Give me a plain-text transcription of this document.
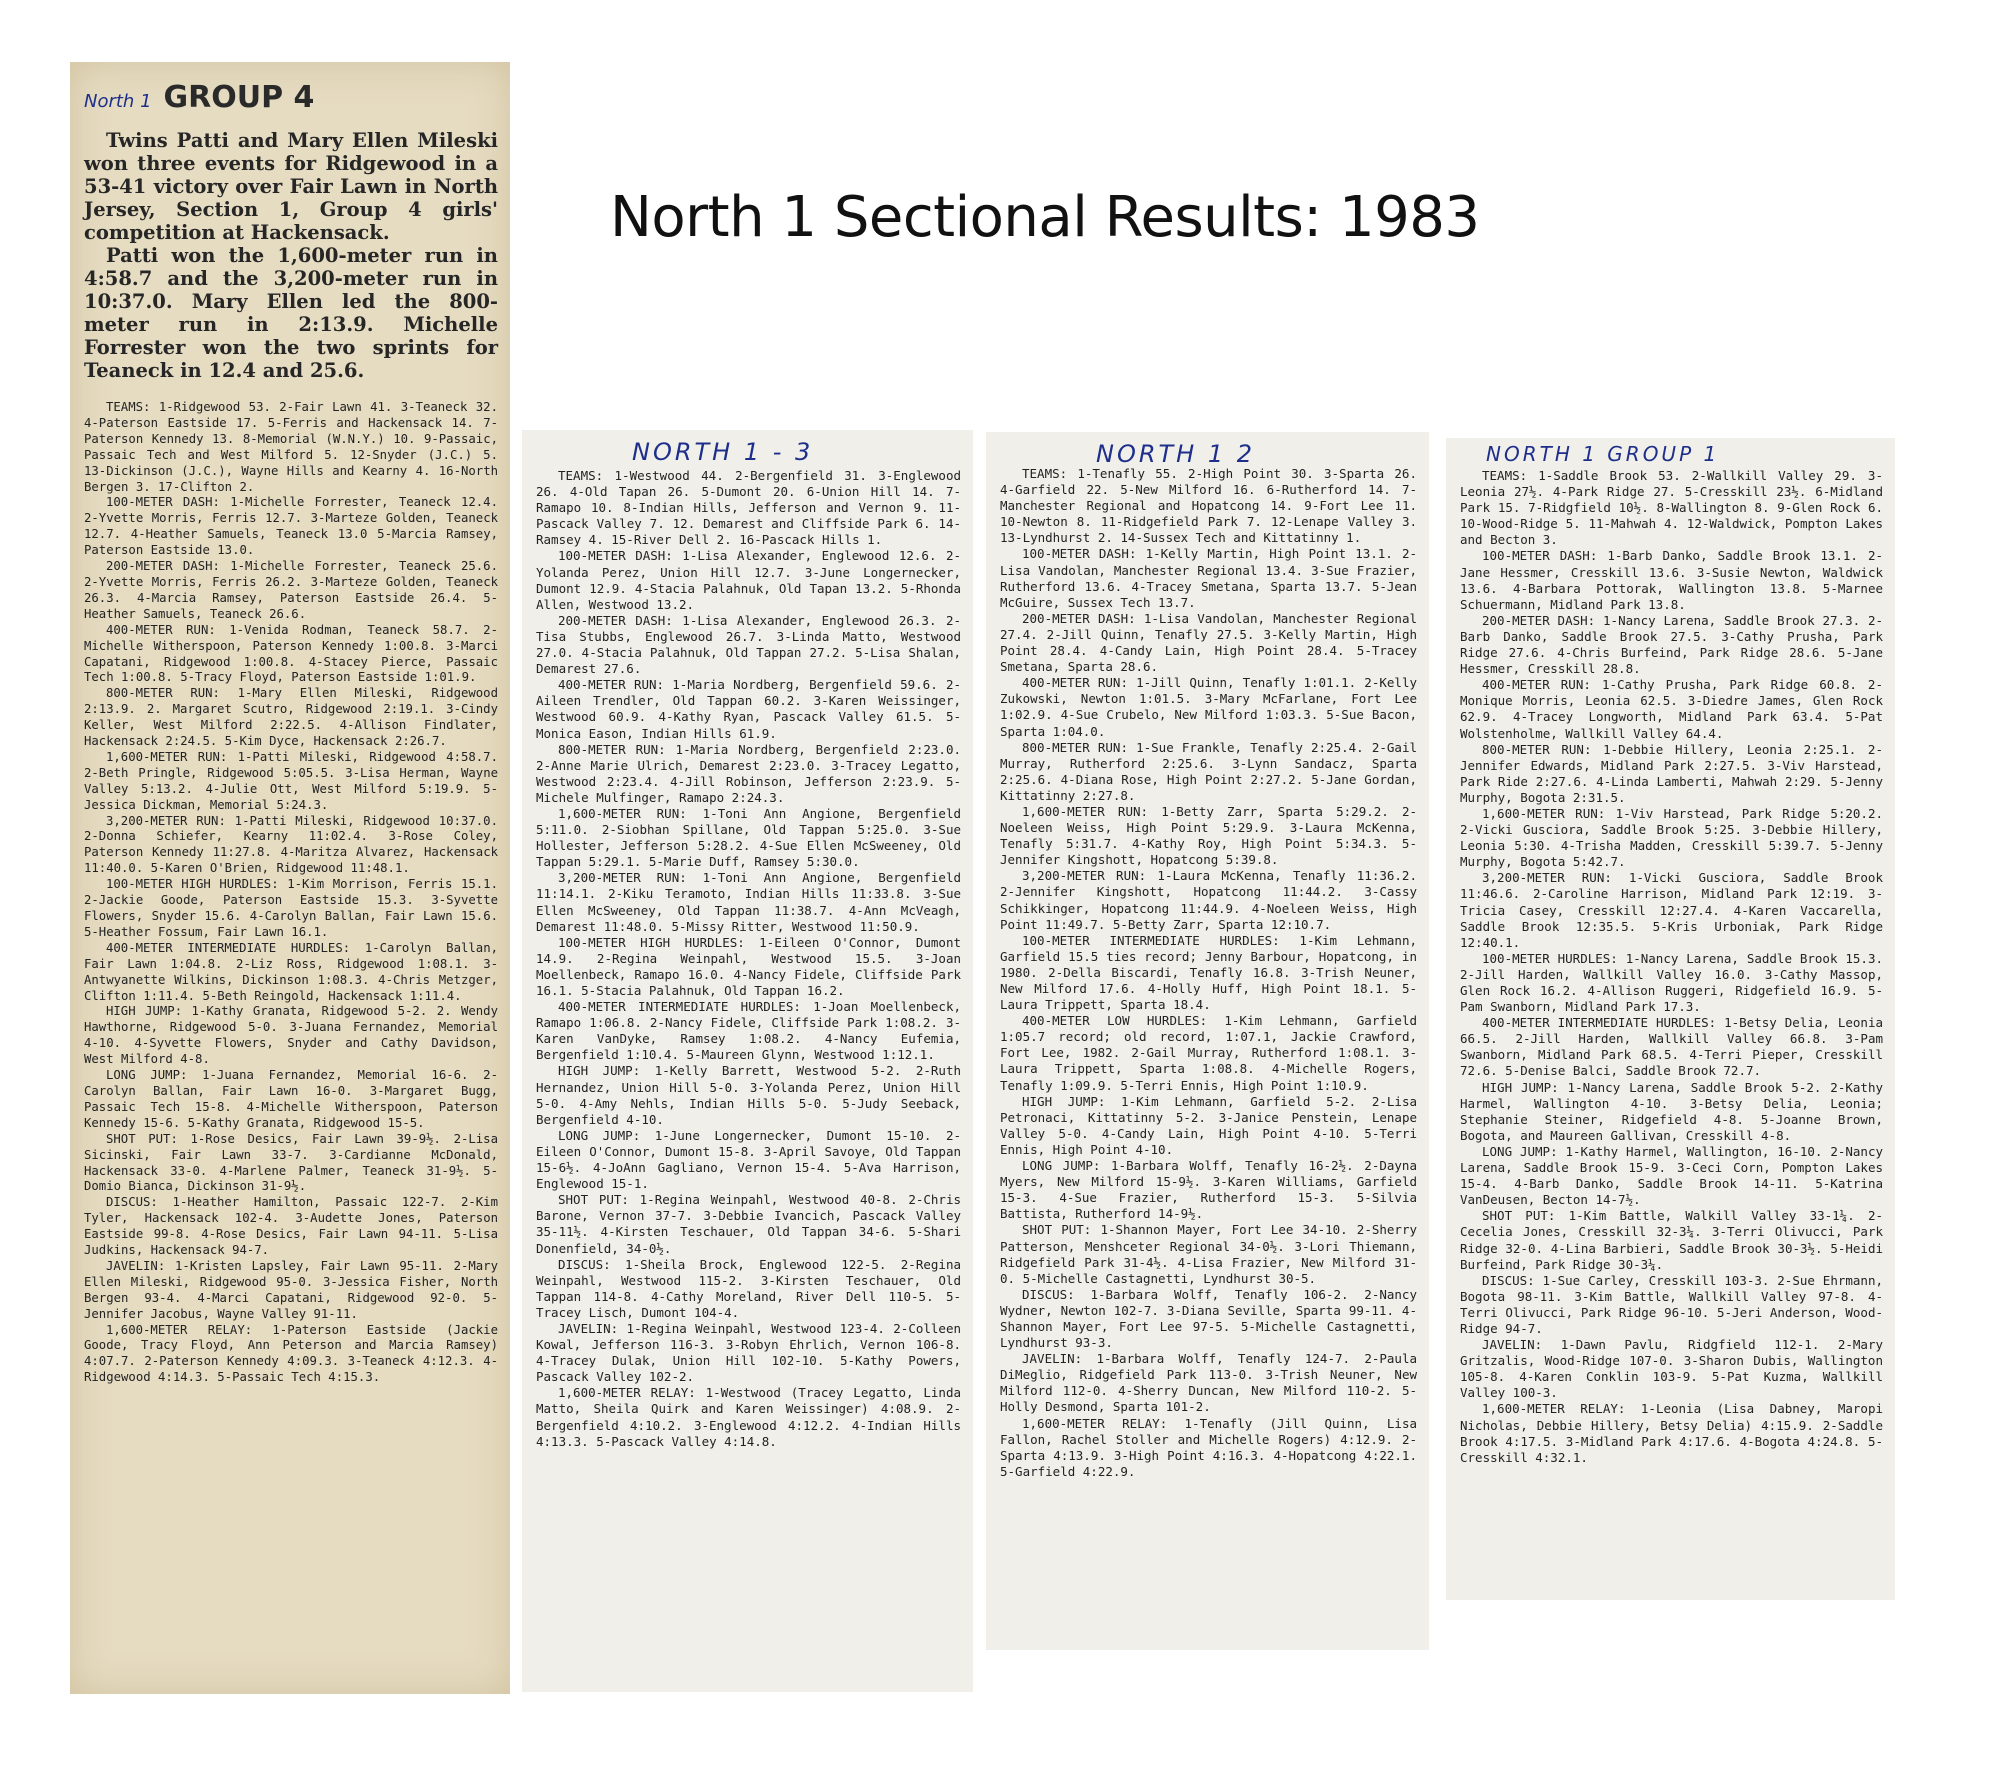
North 1 Sectional Results: 1983
North 1 GROUP 4

Twins Patti and Mary Ellen Mileski won three events for Ridgewood in a 53-41 victory over Fair Lawn in North Jersey, Section 1, Group 4 girls' competition at Hackensack.

Patti won the 1,600-meter run in 4:58.7 and the 3,200-meter run in 10:37.0. Mary Ellen led the 800-meter run in 2:13.9. Michelle Forrester won the two sprints for Teaneck in 12.4 and 25.6.

TEAMS: 1-Ridgewood 53. 2-Fair Lawn 41. 3-Teaneck 32. 4-Paterson Eastside 17. 5-Ferris and Hackensack 14. 7-Paterson Kennedy 13. 8-Memorial (W.N.Y.) 10. 9-Passaic, Passaic Tech and West Milford 5. 12-Snyder (J.C.) 5. 13-Dickinson (J.C.), Wayne Hills and Kearny 4. 16-North Bergen 3. 17-Clifton 2.

100-METER DASH: 1-Michelle Forrester, Teaneck 12.4. 2-Yvette Morris, Ferris 12.7. 3-Marteze Golden, Teaneck 12.7. 4-Heather Samuels, Teaneck 13.0 5-Marcia Ramsey, Paterson Eastside 13.0.

200-METER DASH: 1-Michelle Forrester, Teaneck 25.6. 2-Yvette Morris, Ferris 26.2. 3-Marteze Golden, Teaneck 26.3. 4-Marcia Ramsey, Paterson Eastside 26.4. 5-Heather Samuels, Teaneck 26.6.

400-METER RUN: 1-Venida Rodman, Teaneck 58.7. 2-Michelle Witherspoon, Paterson Kennedy 1:00.8. 3-Marci Capatani, Ridgewood 1:00.8. 4-Stacey Pierce, Passaic Tech 1:00.8. 5-Tracy Floyd, Paterson Eastside 1:01.9.

800-METER RUN: 1-Mary Ellen Mileski, Ridgewood 2:13.9. 2. Margaret Scutro, Ridgewood 2:19.1. 3-Cindy Keller, West Milford 2:22.5. 4-Allison Findlater, Hackensack 2:24.5. 5-Kim Dyce, Hackensack 2:26.7.

1,600-METER RUN: 1-Patti Mileski, Ridgewood 4:58.7. 2-Beth Pringle, Ridgewood 5:05.5. 3-Lisa Herman, Wayne Valley 5:13.2. 4-Julie Ott, West Milford 5:19.9. 5-Jessica Dickman, Memorial 5:24.3.

3,200-METER RUN: 1-Patti Mileski, Ridgewood 10:37.0. 2-Donna Schiefer, Kearny 11:02.4. 3-Rose Coley, Paterson Kennedy 11:27.8. 4-Maritza Alvarez, Hackensack 11:40.0. 5-Karen O'Brien, Ridgewood 11:48.1.

100-METER HIGH HURDLES: 1-Kim Morrison, Ferris 15.1. 2-Jackie Goode, Paterson Eastside 15.3. 3-Syvette Flowers, Snyder 15.6. 4-Carolyn Ballan, Fair Lawn 15.6. 5-Heather Fossum, Fair Lawn 16.1.

400-METER INTERMEDIATE HURDLES: 1-Carolyn Ballan, Fair Lawn 1:04.8. 2-Liz Ross, Ridgewood 1:08.1. 3-Antwyanette Wilkins, Dickinson 1:08.3. 4-Chris Metzger, Clifton 1:11.4. 5-Beth Reingold, Hackensack 1:11.4.

HIGH JUMP: 1-Kathy Granata, Ridgewood 5-2. 2. Wendy Hawthorne, Ridgewood 5-0. 3-Juana Fernandez, Memorial 4-10. 4-Syvette Flowers, Snyder and Cathy Davidson, West Milford 4-8.

LONG JUMP: 1-Juana Fernandez, Memorial 16-6. 2-Carolyn Ballan, Fair Lawn 16-0. 3-Margaret Bugg, Passaic Tech 15-8. 4-Michelle Witherspoon, Paterson Kennedy 15-6. 5-Kathy Granata, Ridgewood 15-5.

SHOT PUT: 1-Rose Desics, Fair Lawn 39-9½. 2-Lisa Sicinski, Fair Lawn 33-7. 3-Cardianne McDonald, Hackensack 33-0. 4-Marlene Palmer, Teaneck 31-9½. 5-Domio Bianca, Dickinson 31-9½.

DISCUS: 1-Heather Hamilton, Passaic 122-7. 2-Kim Tyler, Hackensack 102-4. 3-Audette Jones, Paterson Eastside 99-8. 4-Rose Desics, Fair Lawn 94-11. 5-Lisa Judkins, Hackensack 94-7.

JAVELIN: 1-Kristen Lapsley, Fair Lawn 95-11. 2-Mary Ellen Mileski, Ridgewood 95-0. 3-Jessica Fisher, North Bergen 93-4. 4-Marci Capatani, Ridgewood 92-0. 5-Jennifer Jacobus, Wayne Valley 91-11.

1,600-METER RELAY: 1-Paterson Eastside (Jackie Goode, Tracy Floyd, Ann Peterson and Marcia Ramsey) 4:07.7. 2-Paterson Kennedy 4:09.3. 3-Teaneck 4:12.3. 4-Ridgewood 4:14.3. 5-Passaic Tech 4:15.3.

NORTH 1 - 3

TEAMS: 1-Westwood 44. 2-Bergenfield 31. 3-Englewood 26. 4-Old Tapan 26. 5-Dumont 20. 6-Union Hill 14. 7-Ramapo 10. 8-Indian Hills, Jefferson and Vernon 9. 11-Pascack Valley 7. 12. Demarest and Cliffside Park 6. 14-Ramsey 4. 15-River Dell 2. 16-Pascack Hills 1.

100-METER DASH: 1-Lisa Alexander, Englewood 12.6. 2-Yolanda Perez, Union Hill 12.7. 3-June Longernecker, Dumont 12.9. 4-Stacia Palahnuk, Old Tapan 13.2. 5-Rhonda Allen, Westwood 13.2.

200-METER DASH: 1-Lisa Alexander, Englewood 26.3. 2-Tisa Stubbs, Englewood 26.7. 3-Linda Matto, Westwood 27.0. 4-Stacia Palahnuk, Old Tappan 27.2. 5-Lisa Shalan, Demarest 27.6.

400-METER RUN: 1-Maria Nordberg, Bergenfield 59.6. 2-Aileen Trendler, Old Tappan 60.2. 3-Karen Weissinger, Westwood 60.9. 4-Kathy Ryan, Pascack Valley 61.5. 5-Monica Eason, Indian Hills 61.9.

800-METER RUN: 1-Maria Nordberg, Bergenfield 2:23.0. 2-Anne Marie Ulrich, Demarest 2:23.0. 3-Tracey Legatto, Westwood 2:23.4. 4-Jill Robinson, Jefferson 2:23.9. 5-Michele Mulfinger, Ramapo 2:24.3.

1,600-METER RUN: 1-Toni Ann Angione, Bergenfield 5:11.0. 2-Siobhan Spillane, Old Tappan 5:25.0. 3-Sue Hollester, Jefferson 5:28.2. 4-Sue Ellen McSweeney, Old Tappan 5:29.1. 5-Marie Duff, Ramsey 5:30.0.

3,200-METER RUN: 1-Toni Ann Angione, Bergenfield 11:14.1. 2-Kiku Teramoto, Indian Hills 11:33.8. 3-Sue Ellen McSweeney, Old Tappan 11:38.7. 4-Ann McVeagh, Demarest 11:48.0. 5-Missy Ritter, Westwood 11:50.9.

100-METER HIGH HURDLES: 1-Eileen O'Connor, Dumont 14.9. 2-Regina Weinpahl, Westwood 15.5. 3-Joan Moellenbeck, Ramapo 16.0. 4-Nancy Fidele, Cliffside Park 16.1. 5-Stacia Palahnuk, Old Tappan 16.2.

400-METER INTERMEDIATE HURDLES: 1-Joan Moellenbeck, Ramapo 1:06.8. 2-Nancy Fidele, Cliffside Park 1:08.2. 3-Karen VanDyke, Ramsey 1:08.2. 4-Nancy Eufemia, Bergenfield 1:10.4. 5-Maureen Glynn, Westwood 1:12.1.

HIGH JUMP: 1-Kelly Barrett, Westwood 5-2. 2-Ruth Hernandez, Union Hill 5-0. 3-Yolanda Perez, Union Hill 5-0. 4-Amy Nehls, Indian Hills 5-0. 5-Judy Seeback, Bergenfield 4-10.

LONG JUMP: 1-June Longernecker, Dumont 15-10. 2-Eileen O'Connor, Dumont 15-8. 3-April Savoye, Old Tappan 15-6½. 4-JoAnn Gagliano, Vernon 15-4. 5-Ava Harrison, Englewood 15-1.

SHOT PUT: 1-Regina Weinpahl, Westwood 40-8. 2-Chris Barone, Vernon 37-7. 3-Debbie Ivancich, Pascack Valley 35-11½. 4-Kirsten Teschauer, Old Tappan 34-6. 5-Shari Donenfield, 34-0½.

DISCUS: 1-Sheila Brock, Englewood 122-5. 2-Regina Weinpahl, Westwood 115-2. 3-Kirsten Teschauer, Old Tappan 114-8. 4-Cathy Moreland, River Dell 110-5. 5-Tracey Lisch, Dumont 104-4.

JAVELIN: 1-Regina Weinpahl, Westwood 123-4. 2-Colleen Kowal, Jefferson 116-3. 3-Robyn Ehrlich, Vernon 106-8. 4-Tracey Dulak, Union Hill 102-10. 5-Kathy Powers, Pascack Valley 102-2.

1,600-METER RELAY: 1-Westwood (Tracey Legatto, Linda Matto, Sheila Quirk and Karen Weissinger) 4:08.9. 2-Bergenfield 4:10.2. 3-Englewood 4:12.2. 4-Indian Hills 4:13.3. 5-Pascack Valley 4:14.8.

NORTH 1 2

TEAMS: 1-Tenafly 55. 2-High Point 30. 3-Sparta 26. 4-Garfield 22. 5-New Milford 16. 6-Rutherford 14. 7-Manchester Regional and Hopatcong 14. 9-Fort Lee 11. 10-Newton 8. 11-Ridgefield Park 7. 12-Lenape Valley 3. 13-Lyndhurst 2. 14-Sussex Tech and Kittatinny 1.

100-METER DASH: 1-Kelly Martin, High Point 13.1. 2-Lisa Vandolan, Manchester Regional 13.4. 3-Sue Frazier, Rutherford 13.6. 4-Tracey Smetana, Sparta 13.7. 5-Jean McGuire, Sussex Tech 13.7.

200-METER DASH: 1-Lisa Vandolan, Manchester Regional 27.4. 2-Jill Quinn, Tenafly 27.5. 3-Kelly Martin, High Point 28.4. 4-Candy Lain, High Point 28.4. 5-Tracey Smetana, Sparta 28.6.

400-METER RUN: 1-Jill Quinn, Tenafly 1:01.1. 2-Kelly Zukowski, Newton 1:01.5. 3-Mary McFarlane, Fort Lee 1:02.9. 4-Sue Crubelo, New Milford 1:03.3. 5-Sue Bacon, Sparta 1:04.0.

800-METER RUN: 1-Sue Frankle, Tenafly 2:25.4. 2-Gail Murray, Rutherford 2:25.6. 3-Lynn Sandacz, Sparta 2:25.6. 4-Diana Rose, High Point 2:27.2. 5-Jane Gordan, Kittatinny 2:27.8.

1,600-METER RUN: 1-Betty Zarr, Sparta 5:29.2. 2-Noeleen Weiss, High Point 5:29.9. 3-Laura McKenna, Tenafly 5:31.7. 4-Kathy Roy, High Point 5:34.3. 5-Jennifer Kingshott, Hopatcong 5:39.8.

3,200-METER RUN: 1-Laura McKenna, Tenafly 11:36.2. 2-Jennifer Kingshott, Hopatcong 11:44.2. 3-Cassy Schikkinger, Hopatcong 11:44.9. 4-Noeleen Weiss, High Point 11:49.7. 5-Betty Zarr, Sparta 12:10.7.

100-METER INTERMEDIATE HURDLES: 1-Kim Lehmann, Garfield 15.5 ties record; Jenny Barbour, Hopatcong, in 1980. 2-Della Biscardi, Tenafly 16.8. 3-Trish Neuner, New Milford 17.6. 4-Holly Huff, High Point 18.1. 5-Laura Trippett, Sparta 18.4.

400-METER LOW HURDLES: 1-Kim Lehmann, Garfield 1:05.7 record; old record, 1:07.1, Jackie Crawford, Fort Lee, 1982. 2-Gail Murray, Rutherford 1:08.1. 3-Laura Trippett, Sparta 1:08.8. 4-Michelle Rogers, Tenafly 1:09.9. 5-Terri Ennis, High Point 1:10.9.

HIGH JUMP: 1-Kim Lehmann, Garfield 5-2. 2-Lisa Petronaci, Kittatinny 5-2. 3-Janice Penstein, Lenape Valley 5-0. 4-Candy Lain, High Point 4-10. 5-Terri Ennis, High Point 4-10.

LONG JUMP: 1-Barbara Wolff, Tenafly 16-2½. 2-Dayna Myers, New Milford 15-9½. 3-Karen Williams, Garfield 15-3. 4-Sue Frazier, Rutherford 15-3. 5-Silvia Battista, Rutherford 14-9½.

SHOT PUT: 1-Shannon Mayer, Fort Lee 34-10. 2-Sherry Patterson, Menshceter Regional 34-0½. 3-Lori Thiemann, Ridgefield Park 31-4½. 4-Lisa Frazier, New Milford 31-0. 5-Michelle Castagnetti, Lyndhurst 30-5.

DISCUS: 1-Barbara Wolff, Tenafly 106-2. 2-Nancy Wydner, Newton 102-7. 3-Diana Seville, Sparta 99-11. 4-Shannon Mayer, Fort Lee 97-5. 5-Michelle Castagnetti, Lyndhurst 93-3.

JAVELIN: 1-Barbara Wolff, Tenafly 124-7. 2-Paula DiMeglio, Ridgefield Park 113-0. 3-Trish Neuner, New Milford 112-0. 4-Sherry Duncan, New Milford 110-2. 5-Holly Desmond, Sparta 101-2.

1,600-METER RELAY: 1-Tenafly (Jill Quinn, Lisa Fallon, Rachel Stoller and Michelle Rogers) 4:12.9. 2-Sparta 4:13.9. 3-High Point 4:16.3. 4-Hopatcong 4:22.1. 5-Garfield 4:22.9.

NORTH 1 GROUP 1

TEAMS: 1-Saddle Brook 53. 2-Wallkill Valley 29. 3-Leonia 27½. 4-Park Ridge 27. 5-Cresskill 23½. 6-Midland Park 15. 7-Ridgfield 10½. 8-Wallington 8. 9-Glen Rock 6. 10-Wood-Ridge 5. 11-Mahwah 4. 12-Waldwick, Pompton Lakes and Becton 3.

100-METER DASH: 1-Barb Danko, Saddle Brook 13.1. 2-Jane Hessmer, Cresskill 13.6. 3-Susie Newton, Waldwick 13.6. 4-Barbara Pottorak, Wallington 13.8. 5-Marnee Schuermann, Midland Park 13.8.

200-METER DASH: 1-Nancy Larena, Saddle Brook 27.3. 2-Barb Danko, Saddle Brook 27.5. 3-Cathy Prusha, Park Ridge 27.6. 4-Chris Burfeind, Park Ridge 28.6. 5-Jane Hessmer, Cresskill 28.8.

400-METER RUN: 1-Cathy Prusha, Park Ridge 60.8. 2-Monique Morris, Leonia 62.5. 3-Diedre James, Glen Rock 62.9. 4-Tracey Longworth, Midland Park 63.4. 5-Pat Wolstenholme, Wallkill Valley 64.4.

800-METER RUN: 1-Debbie Hillery, Leonia 2:25.1. 2-Jennifer Edwards, Midland Park 2:27.5. 3-Viv Harstead, Park Ride 2:27.6. 4-Linda Lamberti, Mahwah 2:29. 5-Jenny Murphy, Bogota 2:31.5.

1,600-METER RUN: 1-Viv Harstead, Park Ridge 5:20.2. 2-Vicki Gusciora, Saddle Brook 5:25. 3-Debbie Hillery, Leonia 5:30. 4-Trisha Madden, Cresskill 5:39.7. 5-Jenny Murphy, Bogota 5:42.7.

3,200-METER RUN: 1-Vicki Gusciora, Saddle Brook 11:46.6. 2-Caroline Harrison, Midland Park 12:19. 3-Tricia Casey, Cresskill 12:27.4. 4-Karen Vaccarella, Saddle Brook 12:35.5. 5-Kris Urboniak, Park Ridge 12:40.1.

100-METER HURDLES: 1-Nancy Larena, Saddle Brook 15.3. 2-Jill Harden, Wallkill Valley 16.0. 3-Cathy Massop, Glen Rock 16.2. 4-Allison Ruggeri, Ridgefield 16.9. 5-Pam Swanborn, Midland Park 17.3.

400-METER INTERMEDIATE HURDLES: 1-Betsy Delia, Leonia 66.5. 2-Jill Harden, Wallkill Valley 66.8. 3-Pam Swanborn, Midland Park 68.5. 4-Terri Pieper, Cresskill 72.6. 5-Denise Balci, Saddle Brook 72.7.

HIGH JUMP: 1-Nancy Larena, Saddle Brook 5-2. 2-Kathy Harmel, Wallington 4-10. 3-Betsy Delia, Leonia; Stephanie Steiner, Ridgefield 4-8. 5-Joanne Brown, Bogota, and Maureen Gallivan, Cresskill 4-8.

LONG JUMP: 1-Kathy Harmel, Wallington, 16-10. 2-Nancy Larena, Saddle Brook 15-9. 3-Ceci Corn, Pompton Lakes 15-4. 4-Barb Danko, Saddle Brook 14-11. 5-Katrina VanDeusen, Becton 14-7½.

SHOT PUT: 1-Kim Battle, Walkill Valley 33-1¼. 2-Cecelia Jones, Cresskill 32-3¼. 3-Terri Olivucci, Park Ridge 32-0. 4-Lina Barbieri, Saddle Brook 30-3½. 5-Heidi Burfeind, Park Ridge 30-3¼.

DISCUS: 1-Sue Carley, Cresskill 103-3. 2-Sue Ehrmann, Bogota 98-11. 3-Kim Battle, Wallkill Valley 97-8. 4-Terri Olivucci, Park Ridge 96-10. 5-Jeri Anderson, Wood-Ridge 94-7.

JAVELIN: 1-Dawn Pavlu, Ridgfield 112-1. 2-Mary Gritzalis, Wood-Ridge 107-0. 3-Sharon Dubis, Wallington 105-8. 4-Karen Conklin 103-9. 5-Pat Kuzma, Wallkill Valley 100-3.

1,600-METER RELAY: 1-Leonia (Lisa Dabney, Maropi Nicholas, Debbie Hillery, Betsy Delia) 4:15.9. 2-Saddle Brook 4:17.5. 3-Midland Park 4:17.6. 4-Bogota 4:24.8. 5-Cresskill 4:32.1.
